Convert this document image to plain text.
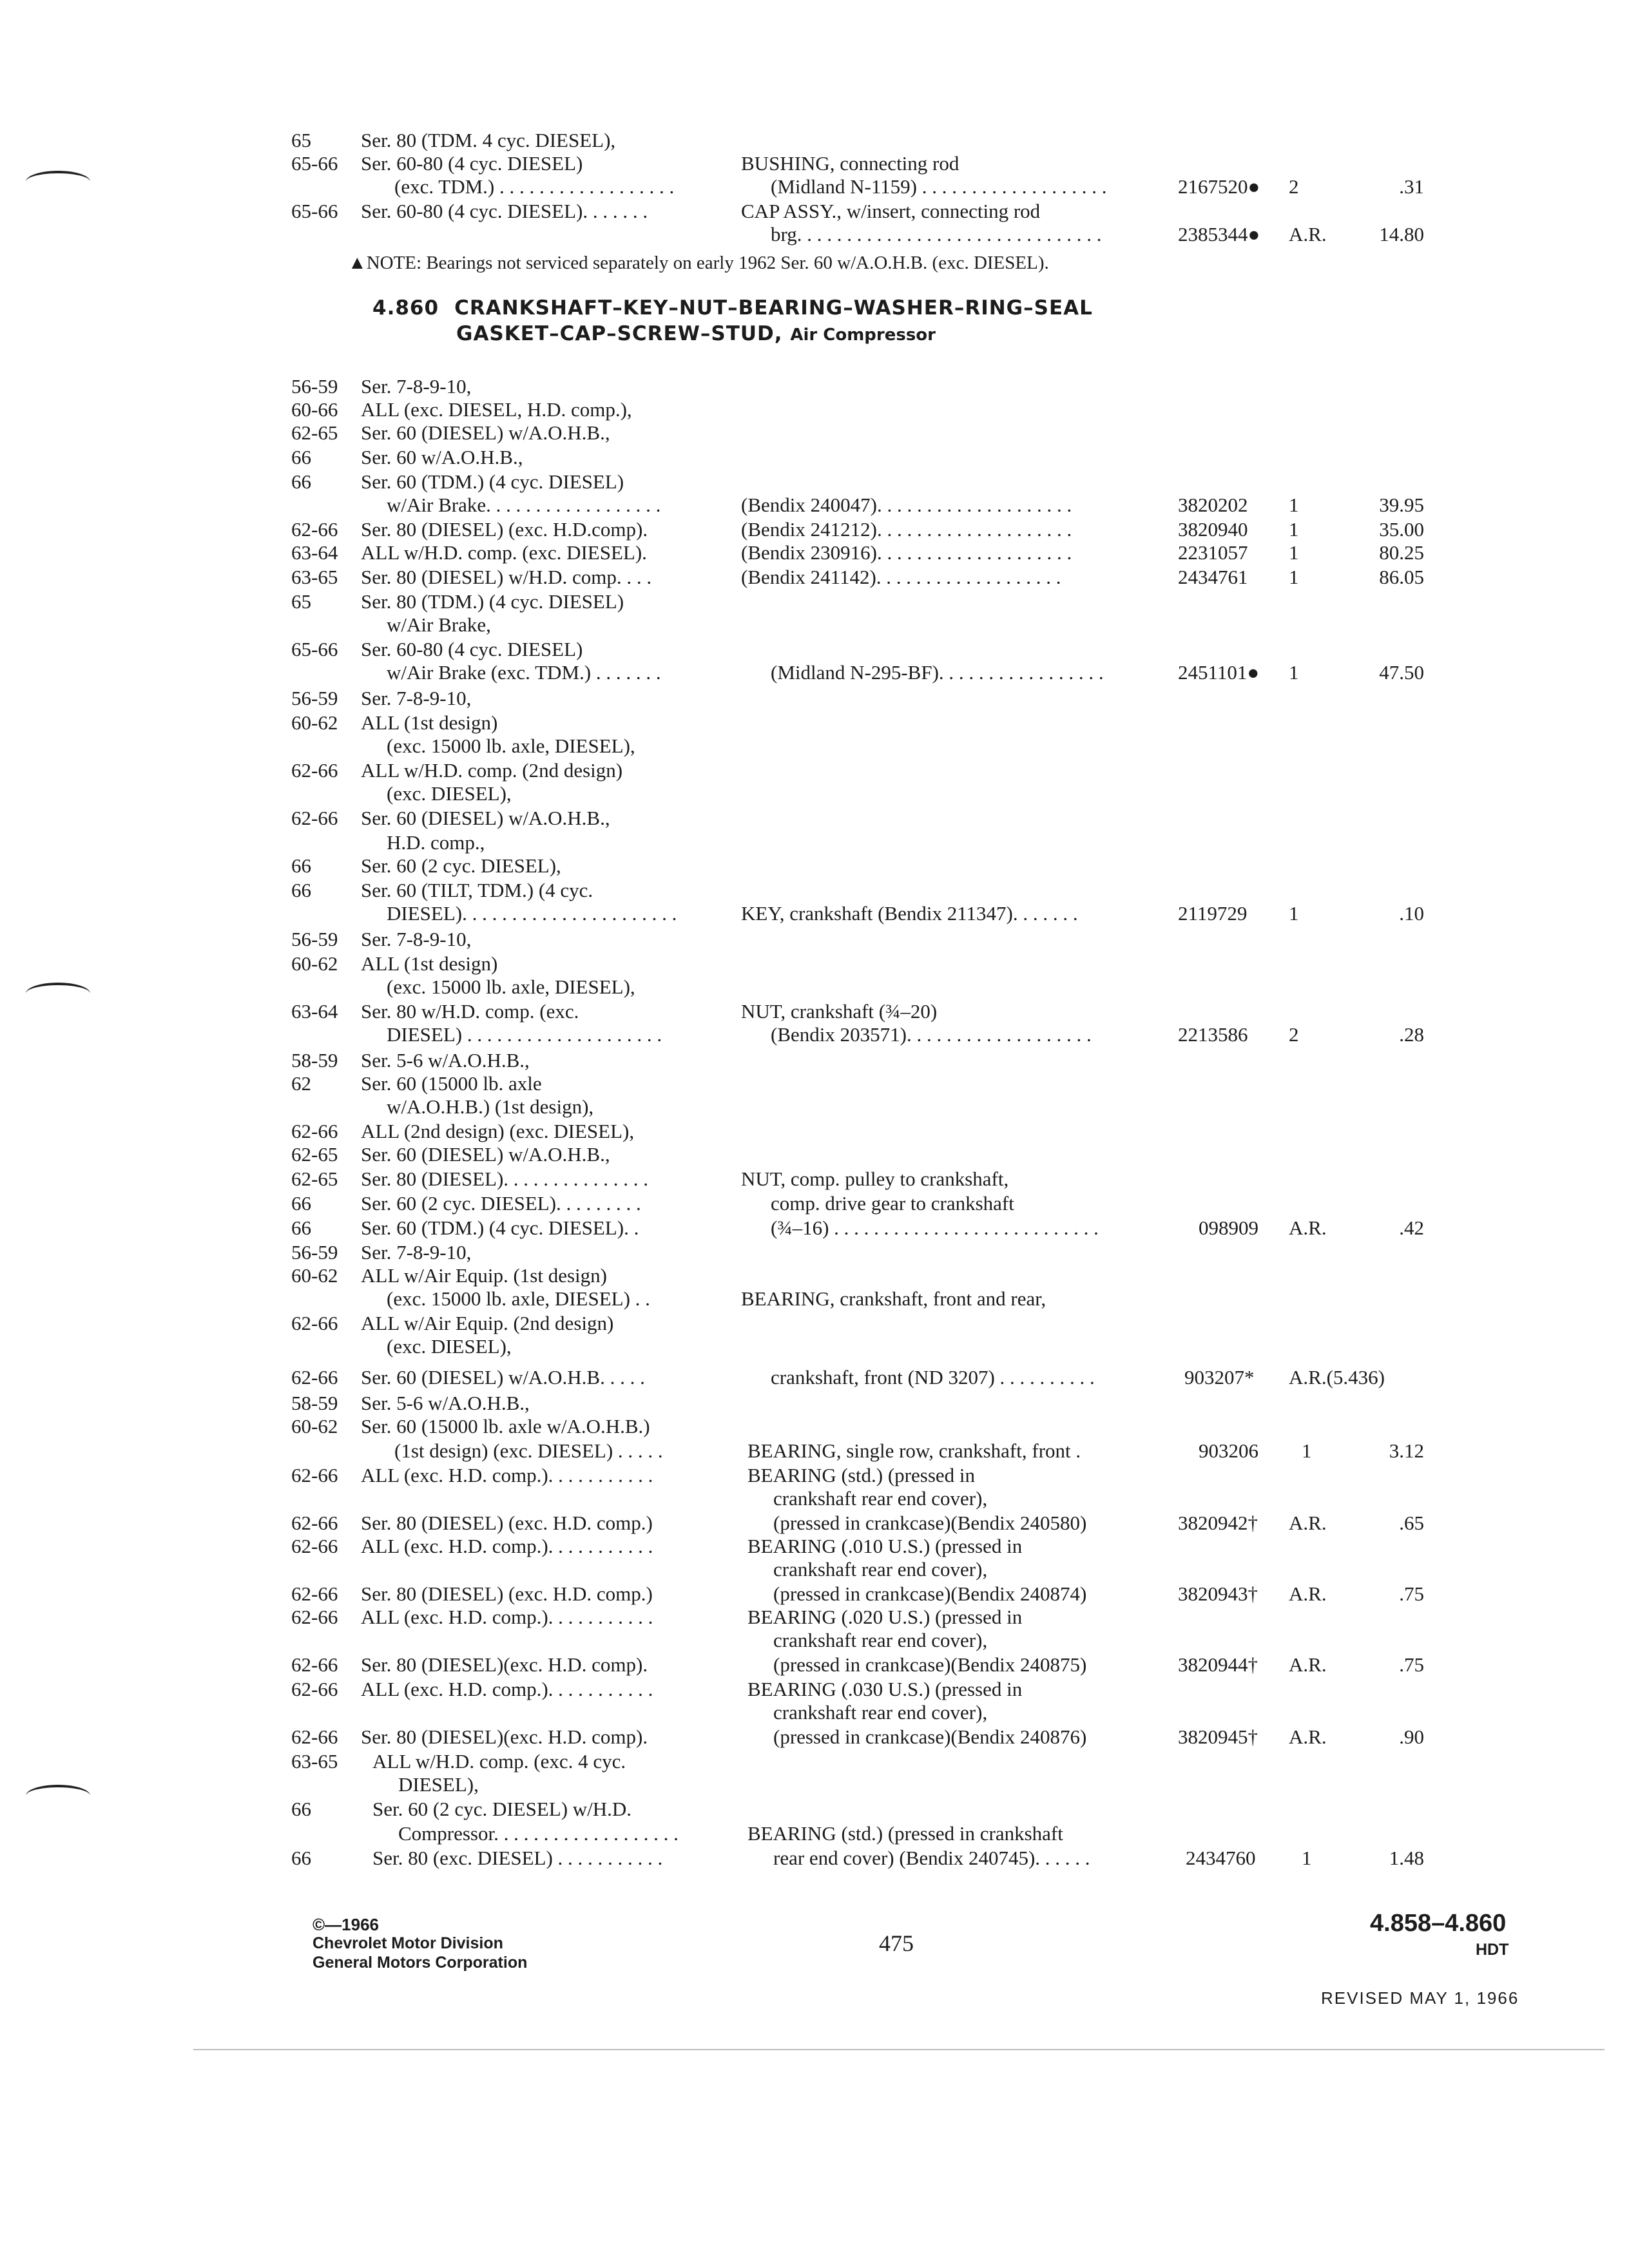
65 Ser. 80 (TDM. 4 cyc. DIESEL),
65-66 Ser. 60-80 (4 cyc. DIESEL)	BUSHING, connecting rod
(exc. TDM.) . . . . . . . . . . . . . . . . . .	(Midland N-1159) . . . . . . . . . . . . . . . . . . .	2167520● 2	.31
65-66 Ser. 60-80 (4 cyc. DIESEL). . . . . . .	CAP ASSY., w/insert, connecting rod
brg. . . . . . . . . . . . . . . . . . . . . . . . . . . . . . .	2385344● A.R.	14.80
▲NOTE: Bearings not serviced separately on early 1962 Ser. 60 w/A.O.H.B. (exc. DIESEL).
4.860 CRANKSHAFT–KEY–NUT–BEARING–WASHER–RING–SEAL
GASKET–CAP–SCREW–STUD, Air Compressor
56-59 Ser. 7-8-9-10,
60-66 ALL (exc. DIESEL, H.D. comp.),
62-65 Ser. 60 (DIESEL) w/A.O.H.B.,
66 Ser. 60 w/A.O.H.B.,
66 Ser. 60 (TDM.) (4 cyc. DIESEL)
w/Air Brake. . . . . . . . . . . . . . . . . .	(Bendix 240047). . . . . . . . . . . . . . . . . . . .	3820202 1	39.95
62-66 Ser. 80 (DIESEL) (exc. H.D.comp).	(Bendix 241212). . . . . . . . . . . . . . . . . . . .	3820940 1	35.00
63-64 ALL w/H.D. comp. (exc. DIESEL).	(Bendix 230916). . . . . . . . . . . . . . . . . . . .	2231057 1	80.25
63-65 Ser. 80 (DIESEL) w/H.D. comp. . . .	(Bendix 241142). . . . . . . . . . . . . . . . . . .	2434761 1	86.05
65 Ser. 80 (TDM.) (4 cyc. DIESEL)
w/Air Brake,
65-66 Ser. 60-80 (4 cyc. DIESEL)
w/Air Brake (exc. TDM.) . . . . . . .	(Midland N-295-BF). . . . . . . . . . . . . . . . .	2451101● 1	47.50
56-59 Ser. 7-8-9-10,
60-62 ALL (1st design)
(exc. 15000 lb. axle, DIESEL),
62-66 ALL w/H.D. comp. (2nd design)
(exc. DIESEL),
62-66 Ser. 60 (DIESEL) w/A.O.H.B.,
H.D. comp.,
66 Ser. 60 (2 cyc. DIESEL),
66 Ser. 60 (TILT, TDM.) (4 cyc.
DIESEL). . . . . . . . . . . . . . . . . . . . . .	KEY, crankshaft (Bendix 211347). . . . . . .	2119729 1	.10
56-59 Ser. 7-8-9-10,
60-62 ALL (1st design)
(exc. 15000 lb. axle, DIESEL),
63-64 Ser. 80 w/H.D. comp. (exc.	NUT, crankshaft (¾–20)
DIESEL) . . . . . . . . . . . . . . . . . . . .	(Bendix 203571). . . . . . . . . . . . . . . . . . .	2213586 2	.28
58-59 Ser. 5-6 w/A.O.H.B.,
62 Ser. 60 (15000 lb. axle
w/A.O.H.B.) (1st design),
62-66 ALL (2nd design) (exc. DIESEL),
62-65 Ser. 60 (DIESEL) w/A.O.H.B.,
62-65 Ser. 80 (DIESEL). . . . . . . . . . . . . . .	NUT, comp. pulley to crankshaft,
66 Ser. 60 (2 cyc. DIESEL). . . . . . . . .	comp. drive gear to crankshaft
66 Ser. 60 (TDM.) (4 cyc. DIESEL). .	(¾–16) . . . . . . . . . . . . . . . . . . . . . . . . . . .	098909 A.R.	.42
56-59 Ser. 7-8-9-10,
60-62 ALL w/Air Equip. (1st design)
(exc. 15000 lb. axle, DIESEL) . .	BEARING, crankshaft, front and rear,
62-66 ALL w/Air Equip. (2nd design)
(exc. DIESEL),
62-66 Ser. 60 (DIESEL) w/A.O.H.B. . . . .	crankshaft, front (ND 3207) . . . . . . . . . .	903207* A.R.(5.436)
58-59 Ser. 5-6 w/A.O.H.B.,
60-62 Ser. 60 (15000 lb. axle w/A.O.H.B.)
(1st design) (exc. DIESEL) . . . . .	BEARING, single row, crankshaft, front .	903206 1	3.12
62-66 ALL (exc. H.D. comp.). . . . . . . . . . .	BEARING (std.) (pressed in
crankshaft rear end cover),
62-66 Ser. 80 (DIESEL) (exc. H.D. comp.)	(pressed in crankcase)(Bendix 240580)	3820942† A.R.	.65
62-66 ALL (exc. H.D. comp.). . . . . . . . . . .	BEARING (.010 U.S.) (pressed in
crankshaft rear end cover),
62-66 Ser. 80 (DIESEL) (exc. H.D. comp.)	(pressed in crankcase)(Bendix 240874)	3820943† A.R.	.75
62-66 ALL (exc. H.D. comp.). . . . . . . . . . .	BEARING (.020 U.S.) (pressed in
crankshaft rear end cover),
62-66 Ser. 80 (DIESEL)(exc. H.D. comp).	(pressed in crankcase)(Bendix 240875)	3820944† A.R.	.75
62-66 ALL (exc. H.D. comp.). . . . . . . . . . .	BEARING (.030 U.S.) (pressed in
crankshaft rear end cover),
62-66 Ser. 80 (DIESEL)(exc. H.D. comp).	(pressed in crankcase)(Bendix 240876)	3820945† A.R.	.90
63-65 ALL w/H.D. comp. (exc. 4 cyc.
DIESEL),
66	Ser. 60 (2 cyc. DIESEL) w/H.D.
Compressor. . . . . . . . . . . . . . . . . . .	BEARING (std.) (pressed in crankshaft
66	Ser. 80 (exc. DIESEL) . . . . . . . . . . .	rear end cover) (Bendix 240745). . . . . .	2434760 1	1.48
©—1966
Chevrolet Motor Division
General Motors Corporation
475
4.858–4.860
HDT
REVISED MAY 1, 1966
